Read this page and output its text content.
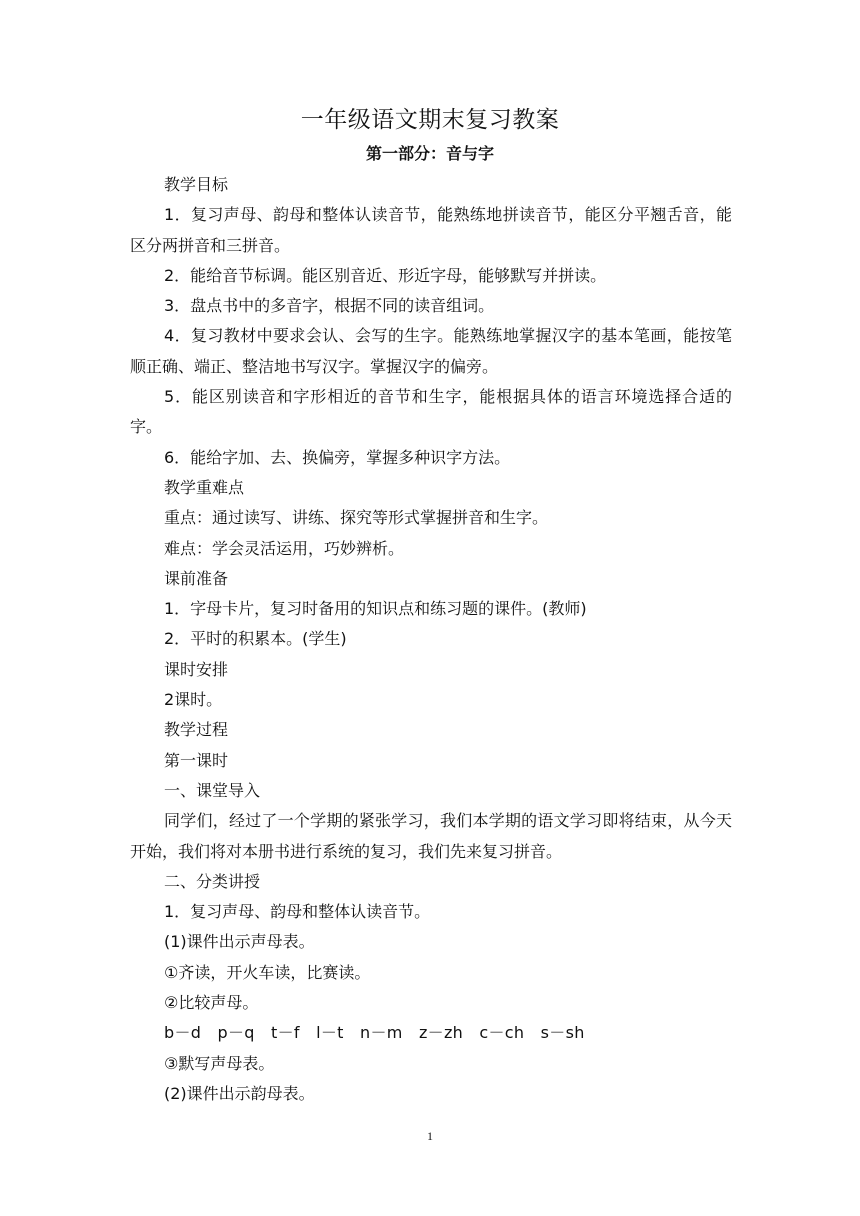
一年级语文期末复习教案
第一部分：音与字

教学目标

1．复习声母、韵母和整体认读音节，能熟练地拼读音节，能区分平翘舌音，能区分两拼音和三拼音。

2．能给音节标调。能区别音近、形近字母，能够默写并拼读。

3．盘点书中的多音字，根据不同的读音组词。

4．复习教材中要求会认、会写的生字。能熟练地掌握汉字的基本笔画，能按笔顺正确、端正、整洁地书写汉字。掌握汉字的偏旁。

5．能区别读音和字形相近的音节和生字，能根据具体的语言环境选择合适的字。

6．能给字加、去、换偏旁，掌握多种识字方法。

教学重难点

重点：通过读写、讲练、探究等形式掌握拼音和生字。

难点：学会灵活运用，巧妙辨析。

课前准备

1．字母卡片，复习时备用的知识点和练习题的课件。(教师)

2．平时的积累本。(学生)

课时安排

2课时。

教学过程

第一课时

一、课堂导入

同学们，经过了一个学期的紧张学习，我们本学期的语文学习即将结束，从今天开始，我们将对本册书进行系统的复习，我们先来复习拼音。

二、分类讲授

1．复习声母、韵母和整体认读音节。

(1)课件出示声母表。

①齐读，开火车读，比赛读。

②比较声母。

b－d　p－q　t－f　l－t　n－m　z－zh　c－ch　s－sh

③默写声母表。

(2)课件出示韵母表。

1
